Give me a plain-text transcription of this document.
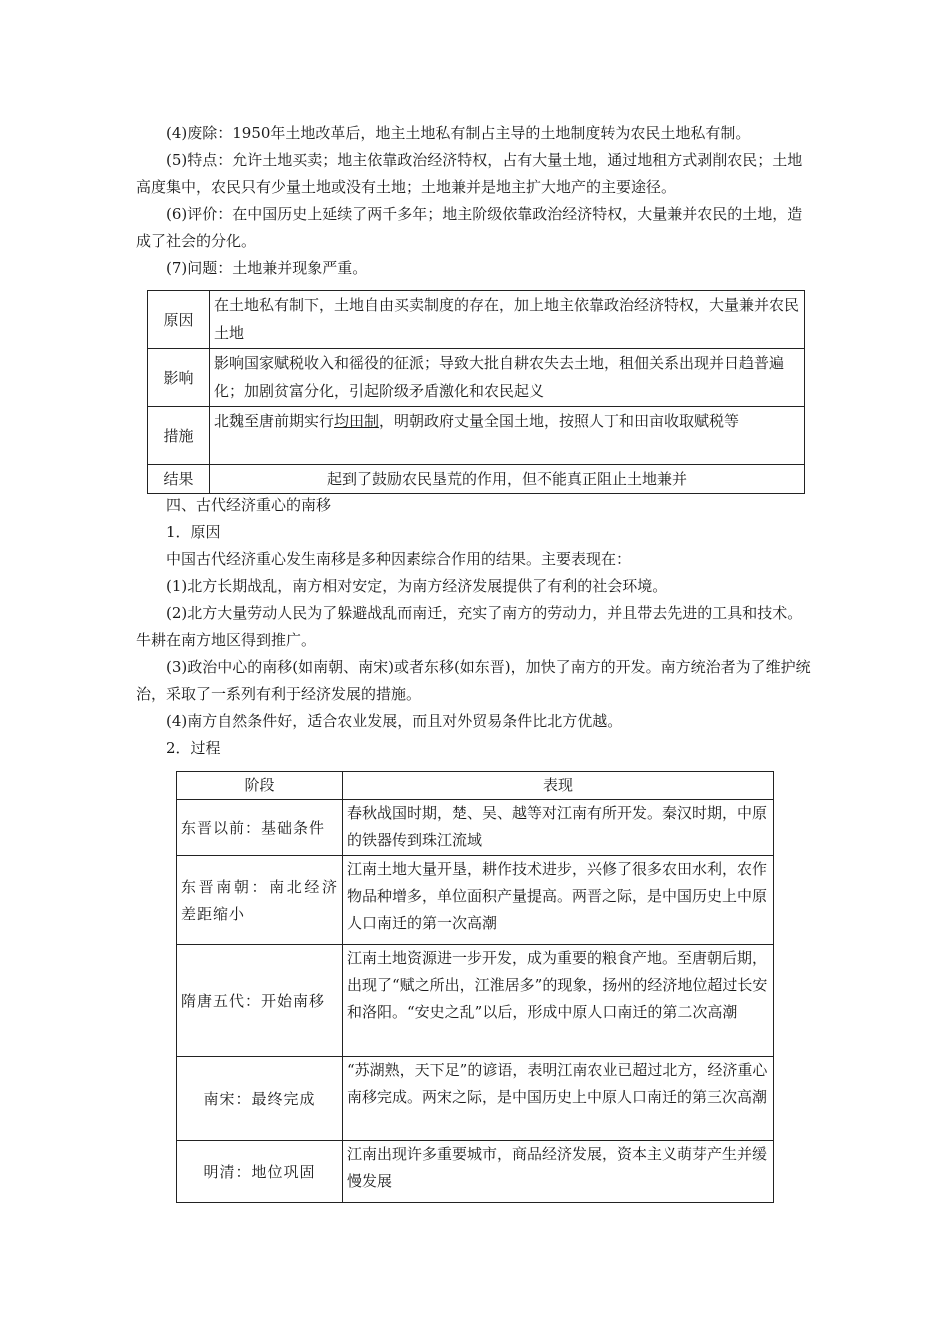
(4)废除：1950年土地改革后，地主土地私有制占主导的土地制度转为农民土地私有制。
(5)特点：允许土地买卖；地主依靠政治经济特权，占有大量土地，通过地租方式剥削农民；土地高度集中，农民只有少量土地或没有土地；土地兼并是地主扩大地产的主要途径。
(6)评价：在中国历史上延续了两千多年；地主阶级依靠政治经济特权，大量兼并农民的土地，造成了社会的分化。
(7)问题：土地兼并现象严重。
原因	在土地私有制下，土地自由买卖制度的存在，加上地主依靠政治经济特权，大量兼并农民土地
影响	影响国家赋税收入和徭役的征派；导致大批自耕农失去土地，租佃关系出现并日趋普遍化；加剧贫富分化，引起阶级矛盾激化和农民起义
措施	北魏至唐前期实行均田制，明朝政府丈量全国土地，按照人丁和田亩收取赋税等
结果	起到了鼓励农民垦荒的作用，但不能真正阻止土地兼并
四、古代经济重心的南移
1．原因
中国古代经济重心发生南移是多种因素综合作用的结果。主要表现在：
(1)北方长期战乱，南方相对安定，为南方经济发展提供了有利的社会环境。
(2)北方大量劳动人民为了躲避战乱而南迁，充实了南方的劳动力，并且带去先进的工具和技术。牛耕在南方地区得到推广。
(3)政治中心的南移(如南朝、南宋)或者东移(如东晋)，加快了南方的开发。南方统治者为了维护统治，采取了一系列有利于经济发展的措施。
(4)南方自然条件好，适合农业发展，而且对外贸易条件比北方优越。
2．过程
阶段	表现
东晋以前：基础条件	春秋战国时期，楚、吴、越等对江南有所开发。秦汉时期，中原的铁器传到珠江流域
东晋南朝：南北经济差距缩小	江南土地大量开垦，耕作技术进步，兴修了很多农田水利，农作物品种增多，单位面积产量提高。两晋之际，是中国历史上中原人口南迁的第一次高潮
隋唐五代：开始南移	江南土地资源进一步开发，成为重要的粮食产地。至唐朝后期，出现了“赋之所出，江淮居多”的现象，扬州的经济地位超过长安和洛阳。“安史之乱”以后，形成中原人口南迁的第二次高潮
南宋：最终完成	“苏湖熟，天下足”的谚语，表明江南农业已超过北方，经济重心南移完成。两宋之际，是中国历史上中原人口南迁的第三次高潮
明清：地位巩固	江南出现许多重要城市，商品经济发展，资本主义萌芽产生并缓慢发展
